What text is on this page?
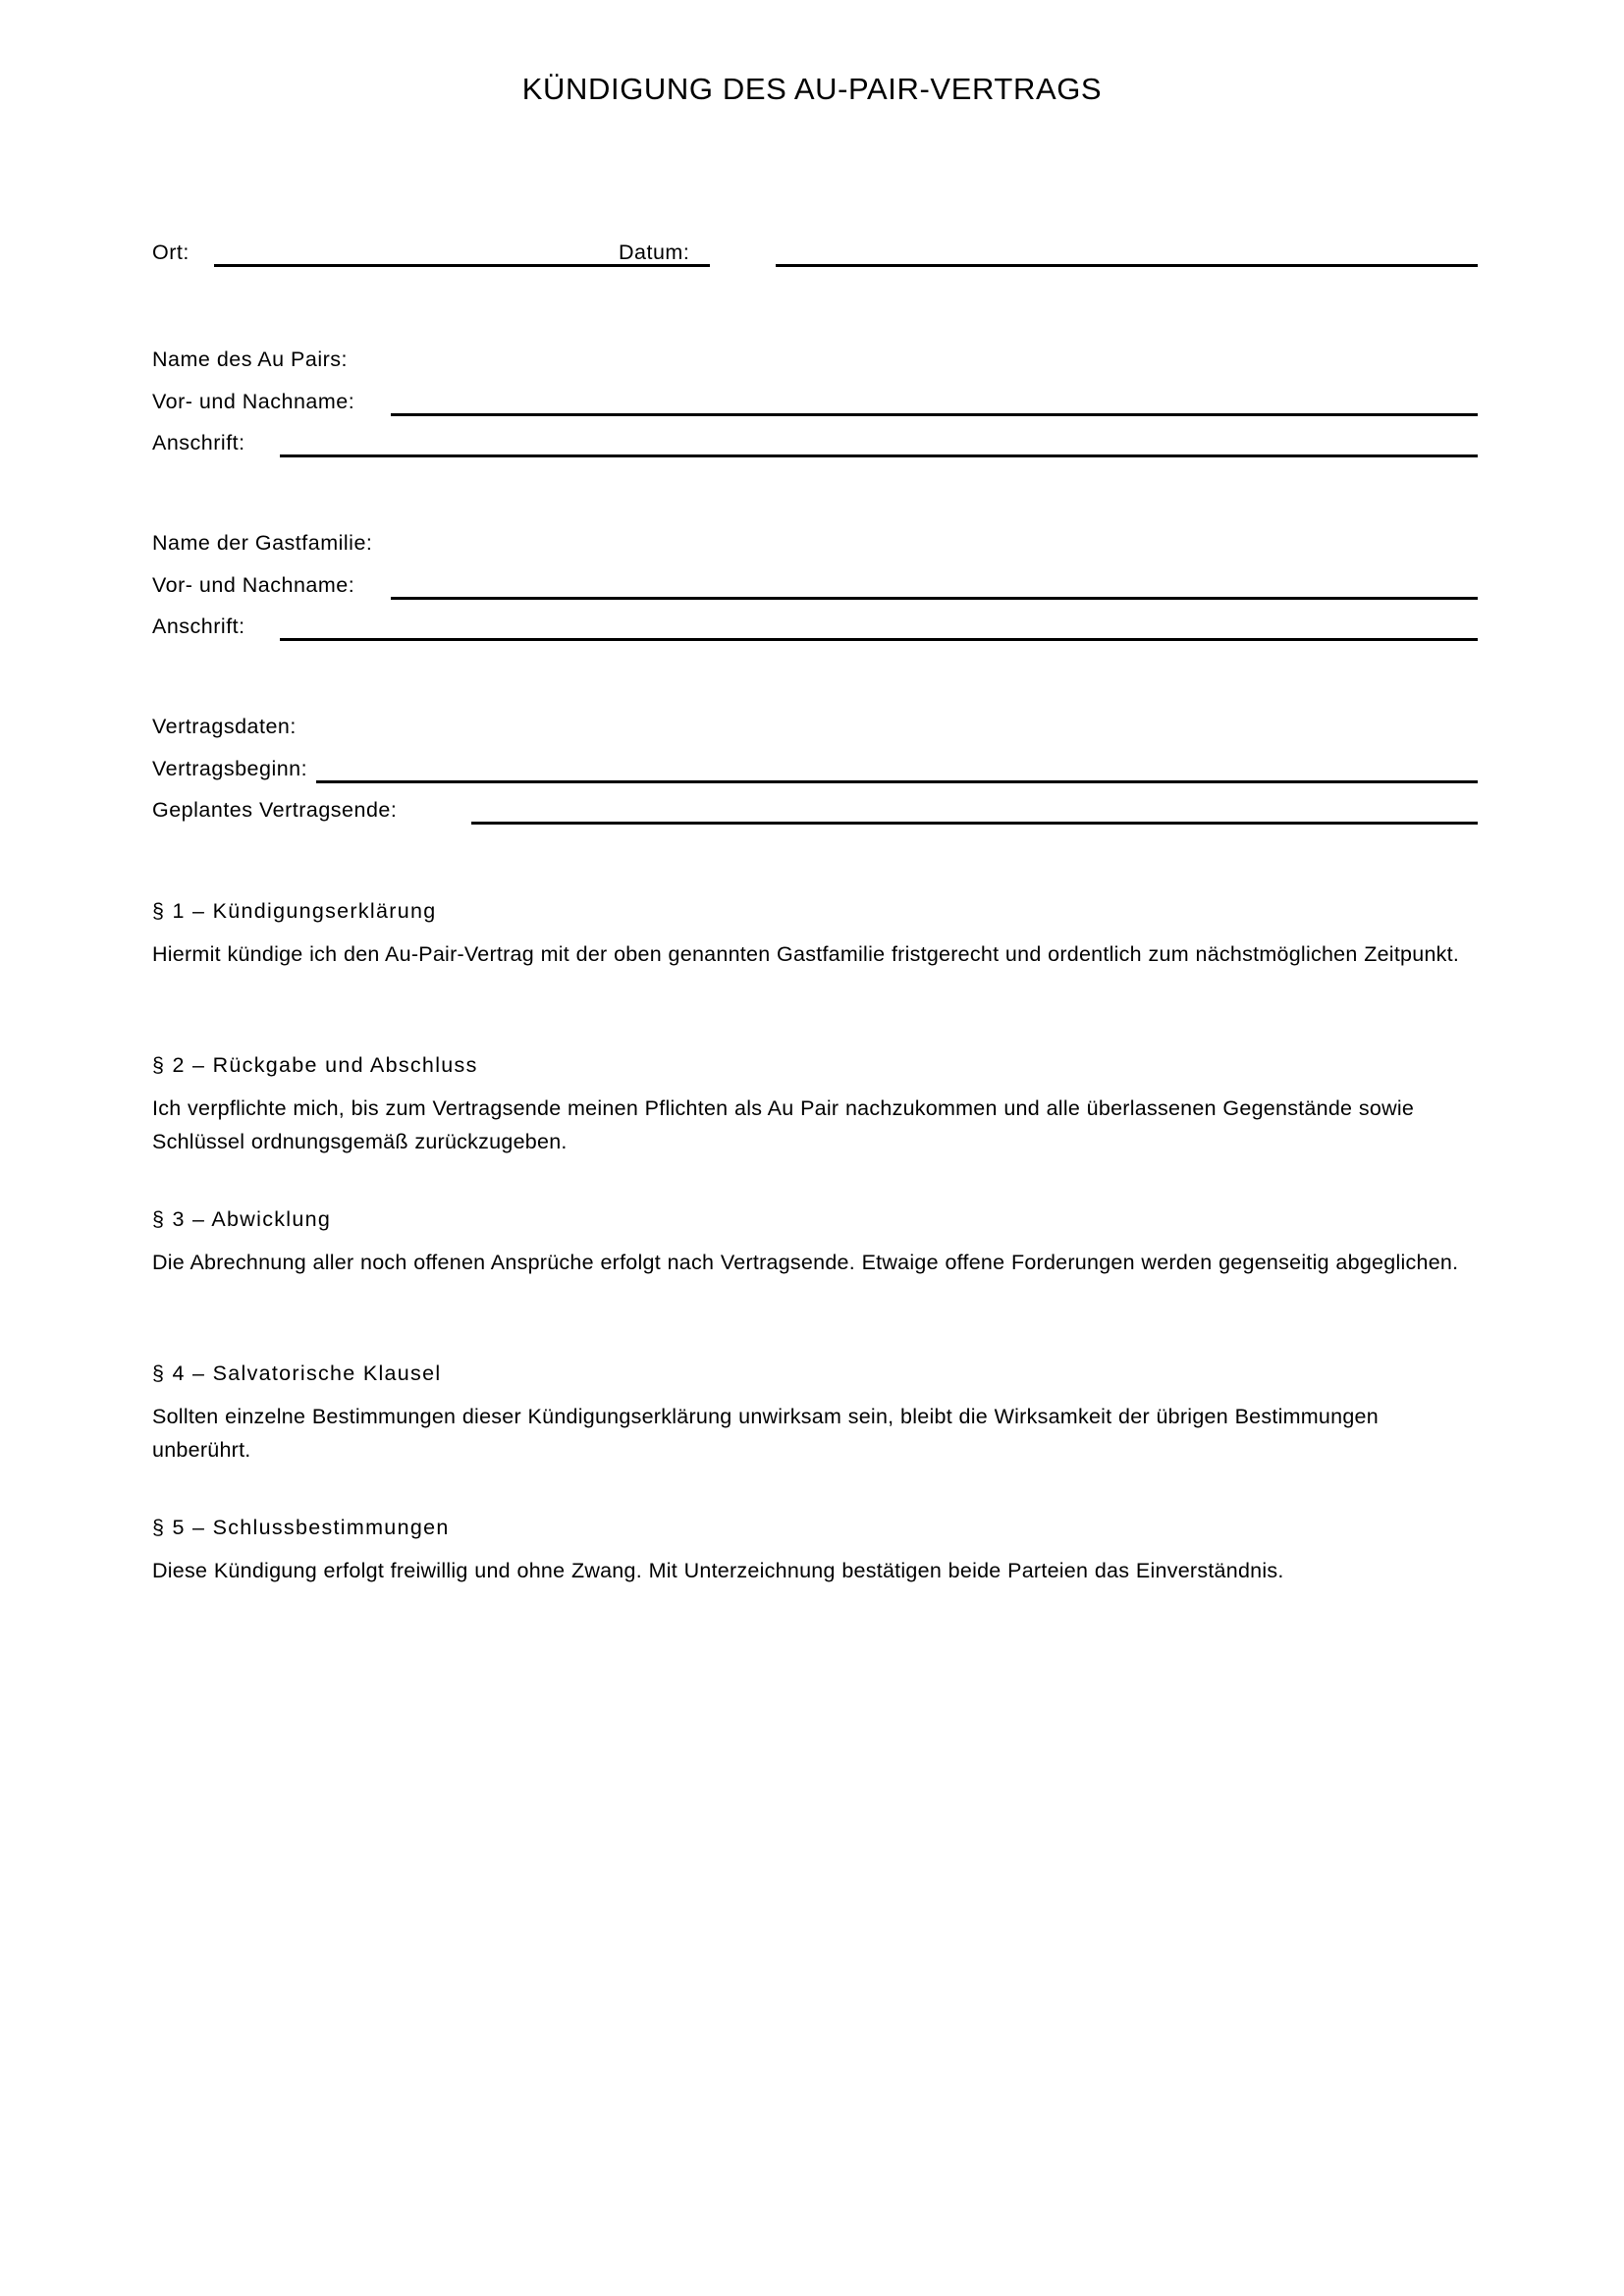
KÜNDIGUNG DES AU-PAIR-VERTRAGS
Ort:	Datum:
Name des Au Pairs:
Vor- und Nachname:
Anschrift:
Name der Gastfamilie:
Vor- und Nachname:
Anschrift:
Vertragsdaten:
Vertragsbeginn:
Geplantes Vertragsende:

§ 1 – Kündigungserklärung

Hiermit kündige ich den Au-Pair-Vertrag mit der oben genannten Gastfamilie fristgerecht und ordentlich zum nächstmöglichen Zeitpunkt.

§ 2 – Rückgabe und Abschluss

Ich verpflichte mich, bis zum Vertragsende meinen Pflichten als Au Pair nachzukommen und alle überlassenen Gegenstände sowie Schlüssel ordnungsgemäß zurückzugeben.

§ 3 – Abwicklung

Die Abrechnung aller noch offenen Ansprüche erfolgt nach Vertragsende. Etwaige offene Forderungen werden gegenseitig abgeglichen.

§ 4 – Salvatorische Klausel

Sollten einzelne Bestimmungen dieser Kündigungserklärung unwirksam sein, bleibt die Wirksamkeit der übrigen Bestimmungen unberührt.

§ 5 – Schlussbestimmungen

Diese Kündigung erfolgt freiwillig und ohne Zwang. Mit Unterzeichnung bestätigen beide Parteien das Einverständnis.
